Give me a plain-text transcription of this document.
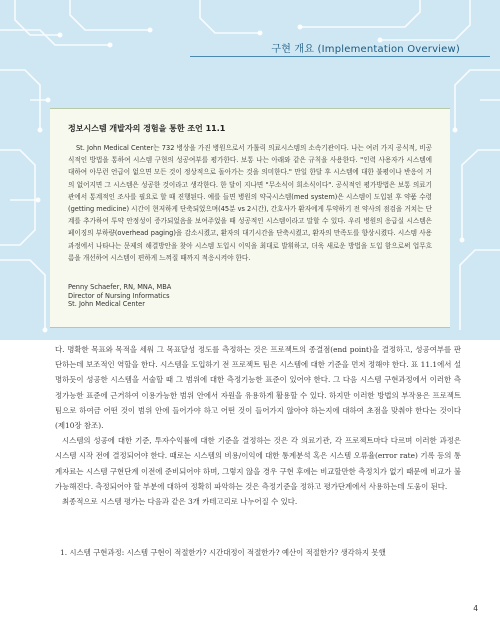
구현 개요 (Implementation Overview)
정보시스템 개발자의 경험을 통한 조언 11.1
St. John Medical Center는 732 병상을 가진 병원으로서 가톨릭 의료시스템의 소속기관이다. 나는 여러 가지 공식적, 비공식적인 방법을 통하여 시스템 구현의 성공여부를 평가한다. 보통 나는 아래와 같은 규칙을 사용한다. "인력 사용자가 시스템에 대하여 아무런 언급이 없으면 모든 것이 정상적으로 돌아가는 것을 의미한다." 만일 한달 후 시스템에 대한 불평이나 반응이 거의 없어지면 그 시스템은 성공한 것이라고 생각한다. 한 달이 지나면 "무소식이 희소식이다". 공식적인 평가방법은 보통 의료기관에서 통계적인 조사를 필요로 할 때 진행된다. 예를 들면 병원의 약국시스템(med system)은 시스템이 도입된 후 약품 수령(getting medicine) 시간이 현저하게 단축되었으며(45분 vs 2시간), 간호사가 환자에게 투약하기 전 약사의 점검을 거치는 단계를 추가하여 투약 안정성이 증가되었음을 보여주었을 때 성공적인 시스템이라고 말할 수 있다. 우리 병원의 응급실 시스템은 페이징의 부하량(overhead paging)을 감소시켰고, 환자의 대기시간을 단축시켰고, 환자의 만족도를 향상시켰다. 시스템 사용과정에서 나타나는 문제의 해결방안을 찾아 시스템 도입시 이익을 최대로 발휘하고, 더욱 새로운 방법을 도입 함으로써 업무흐름을 개선하여 시스템이 편하게 느껴질 때까지 적응시켜야 한다.
Penny Schaefer, RN, MNA, MBA
Director of Nursing Informatics
St. John Medical Center

다. 명확한 목표와 목적을 세워 그 목표달성 정도를 측정하는 것은 프로젝트의 종결점(end point)을 결정하고, 성공여부를 판단하는데 보조적인 역할을 한다. 시스템을 도입하기 전 프로젝트 팀은 시스템에 대한 기준을 먼저 정해야 한다. 표 11.1에서 설명하듯이 성공한 시스템을 서술할 때 그 범위에 대한 측정기능한 표준이 있어야 한다. 그 다음 시스템 구현과정에서 이러한 측정가능한 표준에 근거하여 이용가능한 범위 안에서 자원을 유용하게 활용할 수 있다. 하지만 이러한 방법의 부작용은 프로젝트 팀으로 하여금 어떤 것이 범위 안에 들어가야 하고 어떤 것이 들어가지 않아야 하는지에 대하여 초점을 맞춰야 한다는 것이다 (제10장 참조).

시스템의 성공에 대한 기준, 투자수익률에 대한 기준을 결정하는 것은 각 의료기관, 각 프로젝트마다 다르며 이러한 과정은 시스템 시작 전에 결정되어야 한다. 때로는 시스템의 비용/이익에 대한 통계분석 혹은 시스템 오류율(error rate) 기록 등의 통계자료는 시스템 구현단계 이전에 준비되어야 하며, 그렇지 않을 경우 구현 후에는 비교할만한 측정치가 없기 때문에 비교가 불가능해진다. 측정되어야 할 부분에 대하여 정확히 파악하는 것은 측정기준을 정하고 평가단계에서 사용하는데 도움이 된다.

최종적으로 시스템 평가는 다음과 같은 3개 카테고리로 나누어질 수 있다.

1. 시스템 구현과정: 시스템 구현이 적절한가? 시간대정이 적절한가? 예산이 적절한가? 생각하지 못했
4
